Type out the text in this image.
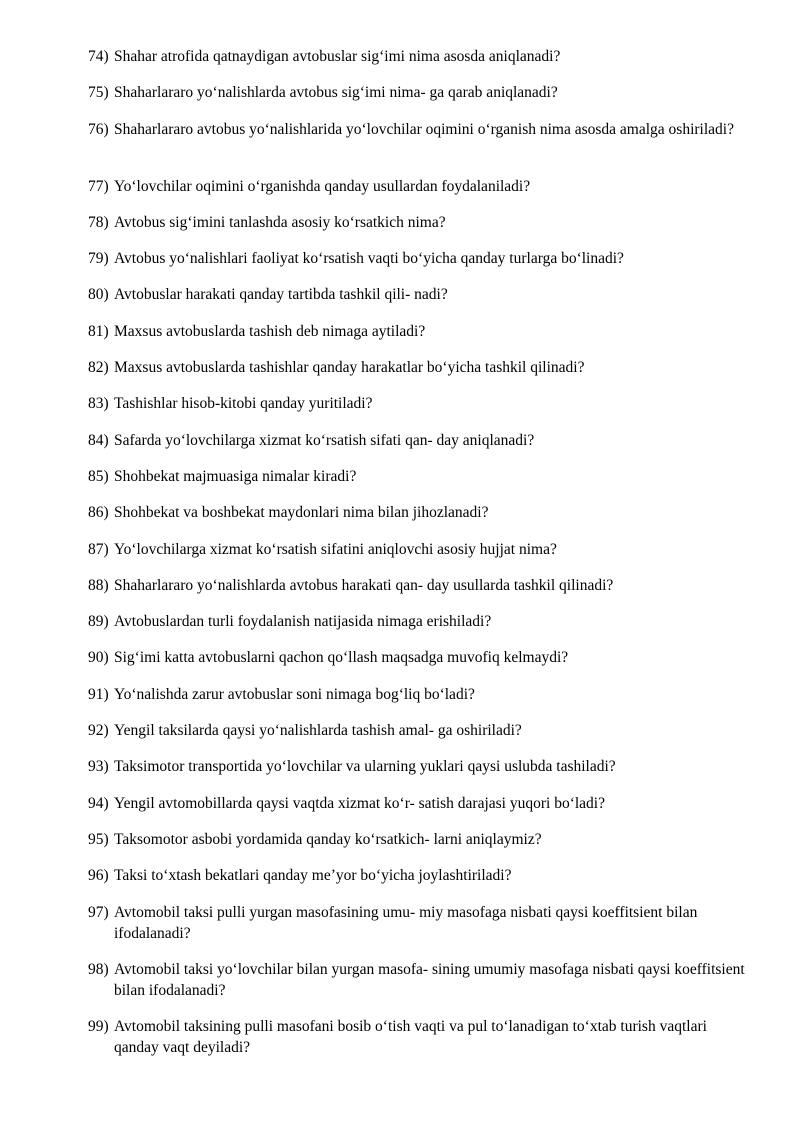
74) Shahar atrofida qatnaydigan avtobuslar sig‘imi nima asosda aniqlanadi?
75) Shaharlararo yo‘nalishlarda avtobus sig‘imi nima- ga qarab aniqlanadi?
76) Shaharlararo avtobus yo‘nalishlarida yo‘lovchilar oqimini o‘rganish nima asosda amalga oshiriladi?
77) Yo‘lovchilar oqimini o‘rganishda qanday usullardan foydalaniladi?
78) Avtobus sig‘imini tanlashda asosiy ko‘rsatkich nima?
79) Avtobus yo‘nalishlari faoliyat ko‘rsatish vaqti bo‘yicha qanday turlarga bo‘linadi?
80) Avtobuslar harakati qanday tartibda tashkil qili- nadi?
81) Maxsus avtobuslarda tashish deb nimaga aytiladi?
82) Maxsus avtobuslarda tashishlar qanday harakatlar bo‘yicha tashkil qilinadi?
83) Tashishlar hisob-kitobi qanday yuritiladi?
84) Safarda yo‘lovchilarga xizmat ko‘rsatish sifati qan- day aniqlanadi?
85) Shohbekat majmuasiga nimalar kiradi?
86) Shohbekat va boshbekat maydonlari nima bilan jihozlanadi?
87) Yo‘lovchilarga xizmat ko‘rsatish sifatini aniqlovchi asosiy hujjat nima?
88) Shaharlararo yo‘nalishlarda avtobus harakati qan- day usullarda tashkil qilinadi?
89) Avtobuslardan turli foydalanish natijasida nimaga erishiladi?
90) Sig‘imi katta avtobuslarni qachon qo‘llash maqsadga muvofiq kelmaydi?
91) Yo‘nalishda zarur avtobuslar soni nimaga bog‘liq bo‘ladi?
92) Yengil taksilarda qaysi yo‘nalishlarda tashish amal- ga oshiriladi?
93) Taksimotor transportida yo‘lovchilar va ularning yuklari qaysi uslubda tashiladi?
94) Yengil avtomobillarda qaysi vaqtda xizmat ko‘r- satish darajasi yuqori bo‘ladi?
95) Taksomotor asbobi yordamida qanday ko‘rsatkich- larni aniqlaymiz?
96) Taksi to‘xtash bekatlari qanday me’yor bo‘yicha joylashtiriladi?
97) Avtomobil taksi pulli yurgan masofasining umu- miy masofaga nisbati qaysi koeffitsient bilan ifodalanadi?
98) Avtomobil taksi yo‘lovchilar bilan yurgan masofa- sining umumiy masofaga nisbati qaysi koeffitsient bilan ifodalanadi?
99) Avtomobil taksining pulli masofani bosib o‘tish vaqti va pul to‘lanadigan to‘xtab turish vaqtlari qanday vaqt deyiladi?
